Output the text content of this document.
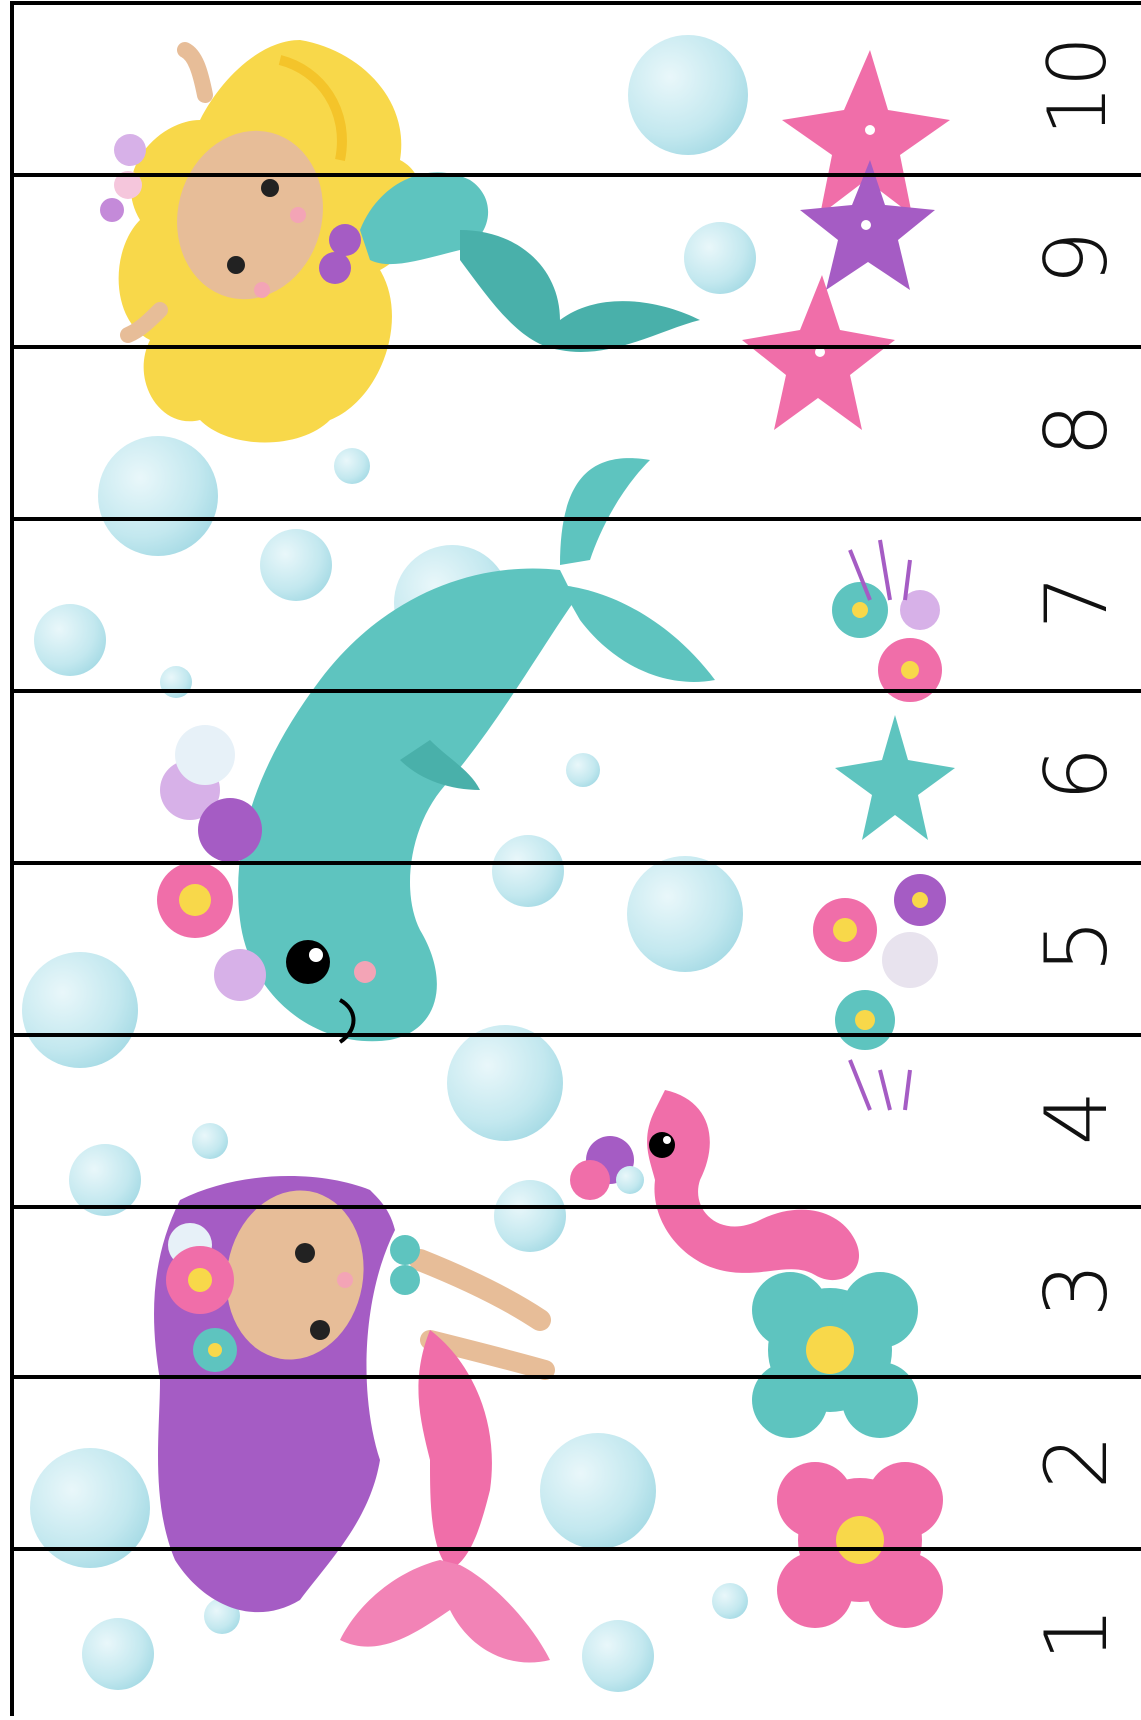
1
2
3
4
5
6
7
8
9
10
